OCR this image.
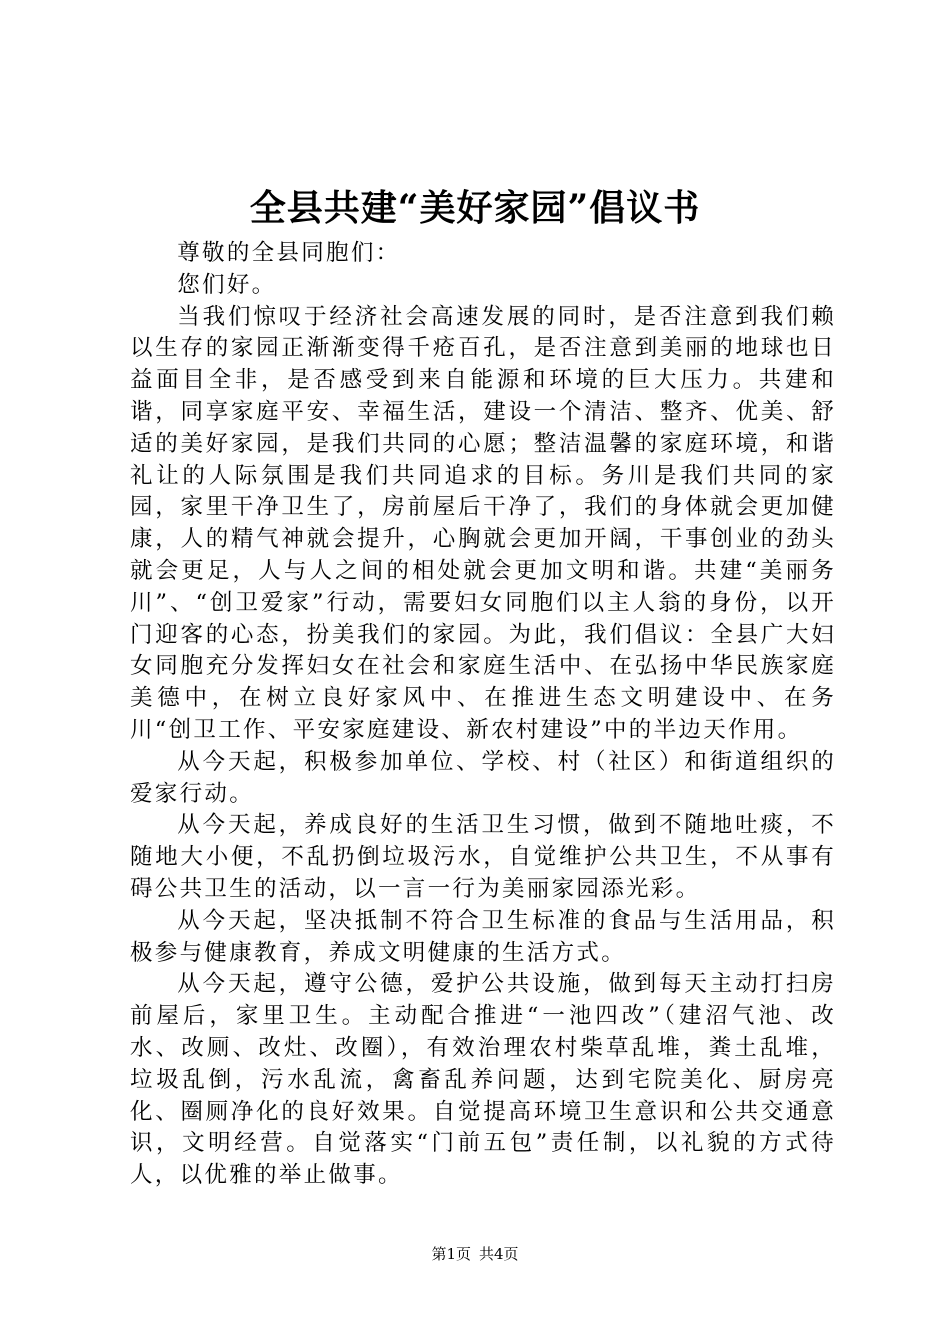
全县共建“美好家园”倡议书

尊敬的全县同胞们：

您们好。

当我们惊叹于经济社会高速发展的同时，是否注意到我们赖以生存的家园正渐渐变得千疮百孔，是否注意到美丽的地球也日益面目全非，是否感受到来自能源和环境的巨大压力。共建和谐，同享家庭平安、幸福生活，建设一个清洁、整齐、优美、舒适的美好家园，是我们共同的心愿；整洁温馨的家庭环境，和谐礼让的人际氛围是我们共同追求的目标。务川是我们共同的家园，家里干净卫生了，房前屋后干净了，我们的身体就会更加健康，人的精气神就会提升，心胸就会更加开阔，干事创业的劲头就会更足，人与人之间的相处就会更加文明和谐。共建“美丽务川”、“创卫爱家”行动，需要妇女同胞们以主人翁的身份，以开门迎客的心态，扮美我们的家园。为此，我们倡议：全县广大妇女同胞充分发挥妇女在社会和家庭生活中、在弘扬中华民族家庭美德中，在树立良好家风中、在推进生态文明建设中、在务川“创卫工作、平安家庭建设、新农村建设”中的半边天作用。

从今天起，积极参加单位、学校、村（社区）和街道组织的爱家行动。

从今天起，养成良好的生活卫生习惯，做到不随地吐痰，不随地大小便，不乱扔倒垃圾污水，自觉维护公共卫生，不从事有碍公共卫生的活动，以一言一行为美丽家园添光彩。

从今天起，坚决抵制不符合卫生标准的食品与生活用品，积极参与健康教育，养成文明健康的生活方式。

从今天起，遵守公德，爱护公共设施，做到每天主动打扫房前屋后，家里卫生。主动配合推进“一池四改”（建沼气池、改水、改厕、改灶、改圈），有效治理农村柴草乱堆，粪土乱堆，垃圾乱倒，污水乱流，禽畜乱养问题，达到宅院美化、厨房亮化、圈厕净化的良好效果。自觉提高环境卫生意识和公共交通意识，文明经营。自觉落实“门前五包”责任制，以礼貌的方式待人，以优雅的举止做事。

第1页 共4页
